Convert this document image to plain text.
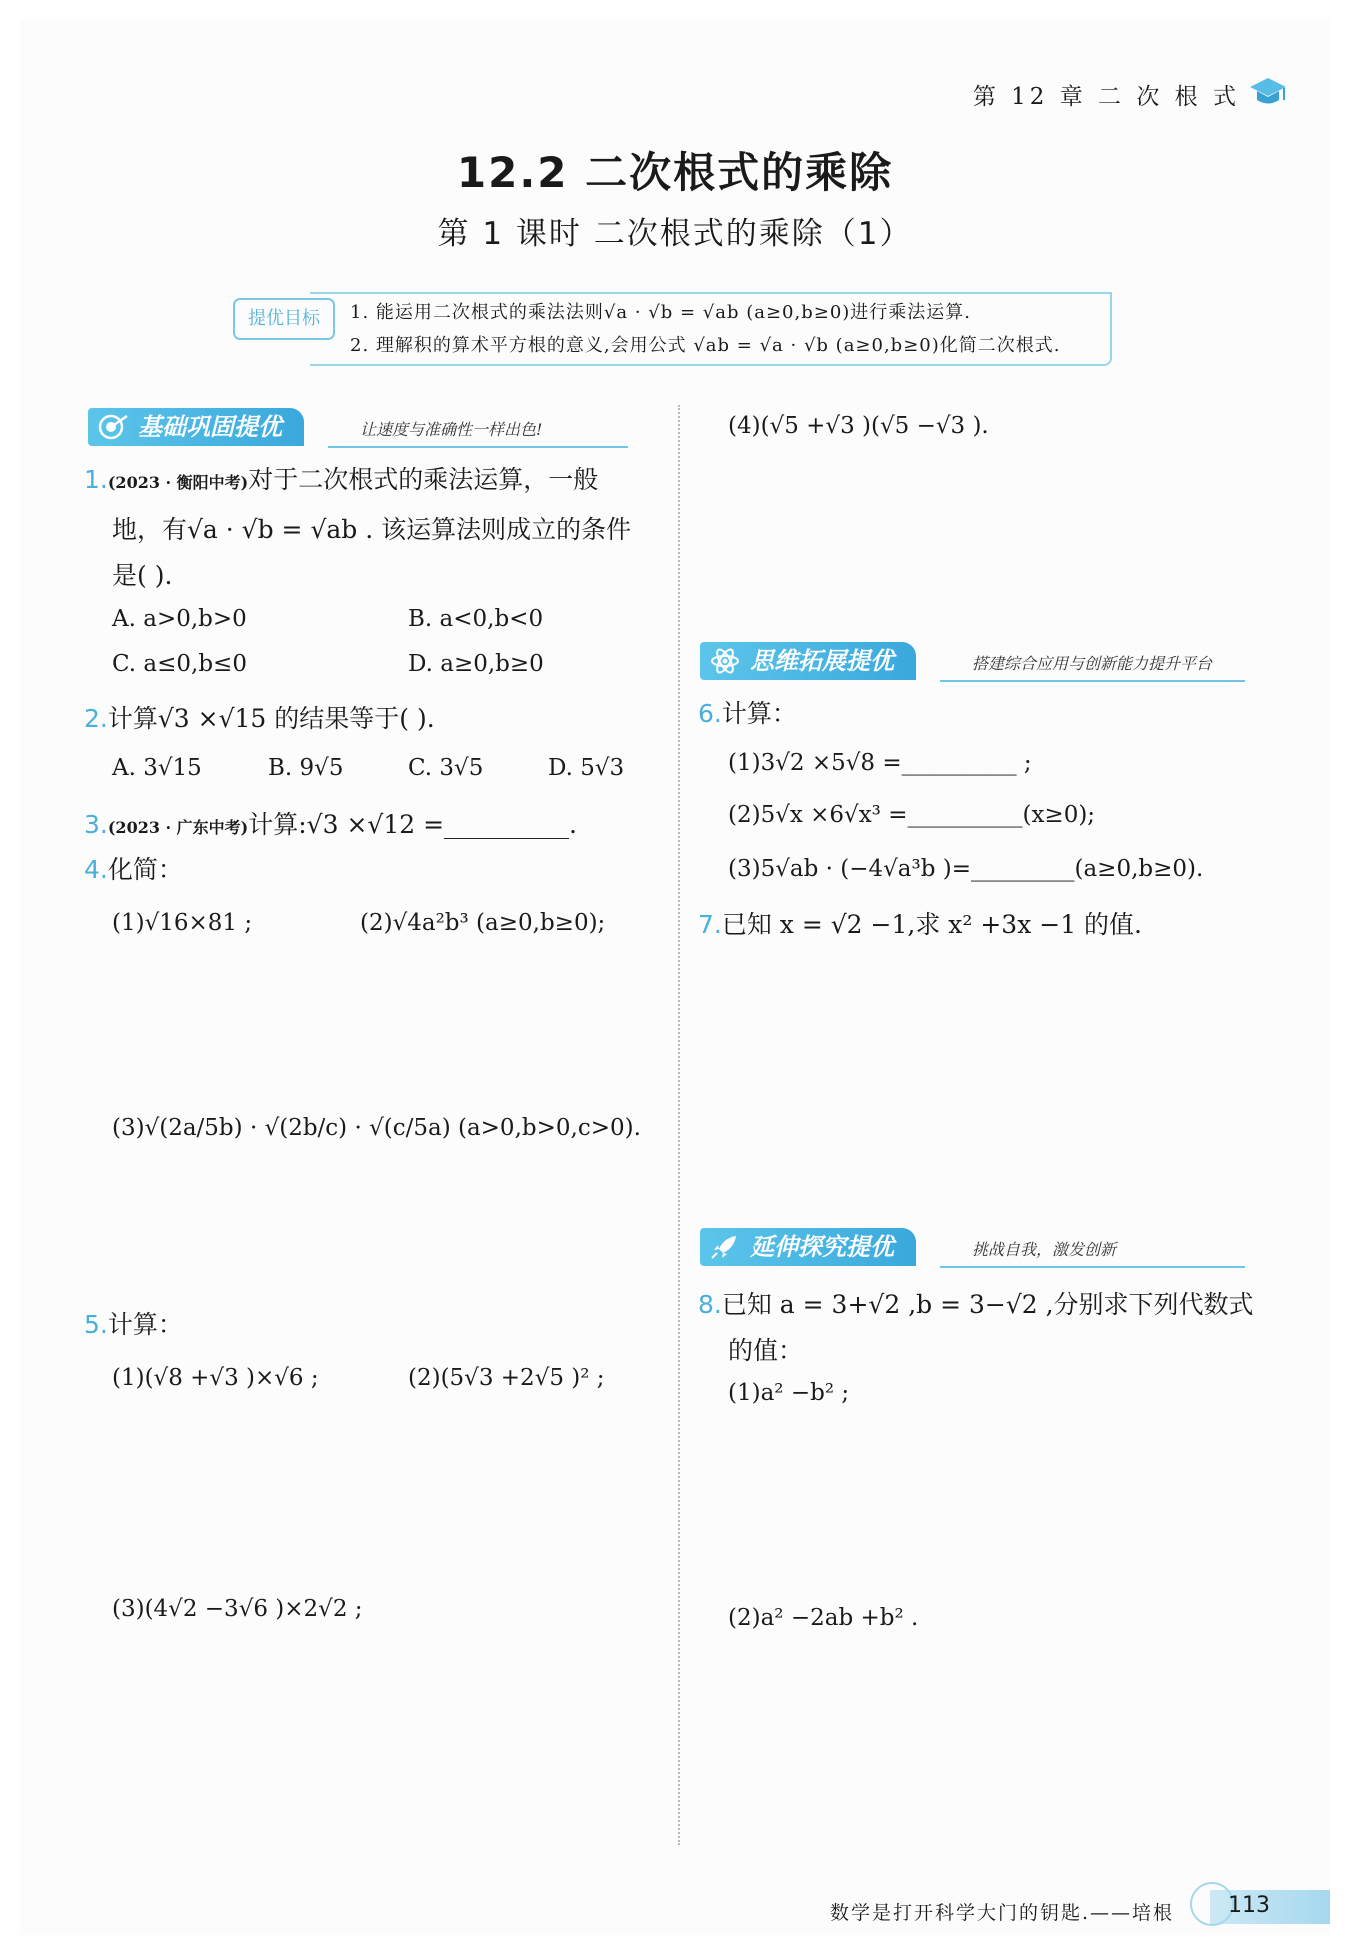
第 12 章 二 次 根 式
12.2 二次根式的乘除
第 1 课时 二次根式的乘除（1）
提优目标	1. 能运用二次根式的乘法法则√a · √b = √ab (a≥0,b≥0)进行乘法运算.
2. 理解积的算术平方根的意义,会用公式 √ab = √a · √b (a≥0,b≥0)化简二次根式.
基础巩固提优	让速度与准确性一样出色!
1.(2023 · 衡阳中考)对于二次根式的乘法运算，一般
地，有√a · √b = √ab . 该运算法则成立的条件
是( ).
A. a>0,b>0	B. a<0,b<0
C. a≤0,b≤0	D. a≥0,b≥0
2.计算√3 ×√15 的结果等于( ).
A. 3√15	B. 9√5	C. 3√5	D. 5√3
3.(2023 · 广东中考)计算:√3 ×√12 =__________.
4.化简：
(1)√16×81 ;	(2)√4a²b³ (a≥0,b≥0);
(3)√(2a/5b) · √(2b/c) · √(c/5a) (a>0,b>0,c>0).
5.计算：
(1)(√8 +√3 )×√6 ;	(2)(5√3 +2√5 )² ;
(3)(4√2 −3√6 )×2√2 ;
(4)(√5 +√3 )(√5 −√3 ).
思维拓展提优	搭建综合应用与创新能力提升平台
6.计算：
(1)3√2 ×5√8 =__________ ;
(2)5√x ×6√x³ =__________(x≥0);
(3)5√ab · (−4√a³b )=_________(a≥0,b≥0).
7.已知 x = √2 −1,求 x² +3x −1 的值.
延伸探究提优	挑战自我，激发创新
8.已知 a = 3+√2 ,b = 3−√2 ,分别求下列代数式
的值：
(1)a² −b² ;
(2)a² −2ab +b² .
数学是打开科学大门的钥匙.——培根 113
